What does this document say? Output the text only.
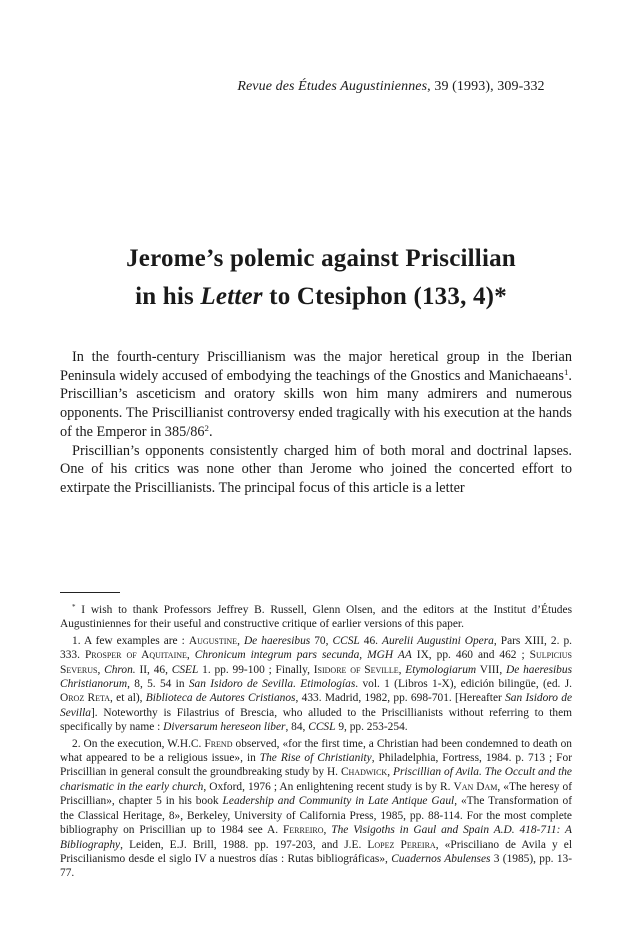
Revue des Études Augustiniennes, 39 (1993), 309-332
Jerome’s polemic against Priscillian
in his Letter to Ctesiphon (133, 4)*

In the fourth-century Priscillianism was the major heretical group in the Iberian Peninsula widely accused of embodying the teachings of the Gnostics and Manichaeans$^1$. Priscillian’s asceticism and oratory skills won him many admirers and numerous opponents. The Priscillianist controversy ended tragically with his execution at the hands of the Emperor in $385/86^2$.

Priscillian’s opponents consistently charged him of both moral and doctrinal lapses. One of his critics was none other than Jerome who joined the concerted effort to extirpate the Priscillianists. The principal focus of this article is a letter

* I wish to thank Professors Jeffrey B. Russell, Glenn Olsen, and the editors at the Institut d’Études Augustiniennes for their useful and constructive critique of earlier versions of this paper.

1. A few examples are : Augustine, De haeresibus 70, CCSL 46. Aurelii Augustini Opera, Pars XIII, 2. p. 333. Prosper of Aquitaine, Chronicum integrum pars secunda, MGH AA IX, pp. 460 and 462 ; Sulpicius Severus, Chron. II, 46, CSEL 1. pp. 99-100 ; Finally, Isidore of Seville, Etymologiarum VIII, De haeresibus Christianorum, 8, 5. 54 in San Isidoro de Sevilla. Etimologías. vol. 1 (Libros 1-X), edición bilingüe, (ed. J. Oroz Reta, et al), Biblioteca de Autores Cristianos, 433. Madrid, 1982, pp. 698-701. [Hereafter San Isidoro de Sevilla]. Noteworthy is Filastrius of Brescia, who alluded to the Priscillianists without referring to them specifically by name : Diversarum hereseon liber, 84, CCSL 9, pp. 253-254.

2. On the execution, W.H.C. Frend observed, «for the first time, a Christian had been condemned to death on what appeared to be a religious issue», in The Rise of Christianity, Philadelphia, Fortress, 1984. p. 713 ; For Priscillian in general consult the groundbreaking study by H. Chadwick, Priscillian of Avila. The Occult and the charismatic in the early church, Oxford, 1976 ; An enlightening recent study is by R. Van Dam, «The heresy of Priscillian», chapter 5 in his book Leadership and Community in Late Antique Gaul, «The Transformation of the Classical Heritage, 8», Berkeley, University of California Press, 1985, pp. 88-114. For the most complete bibliography on Priscillian up to 1984 see A. Ferreiro, The Visigoths in Gaul and Spain A.D. 418-711: A Bibliography, Leiden, E.J. Brill, 1988. pp. 197-203, and J.E. Lopez Pereira, «Prisciliano de Avila y el Priscilianismo desde el siglo IV a nuestros días : Rutas bibliográficas», Cuadernos Abulenses 3 (1985), pp. 13-77.
